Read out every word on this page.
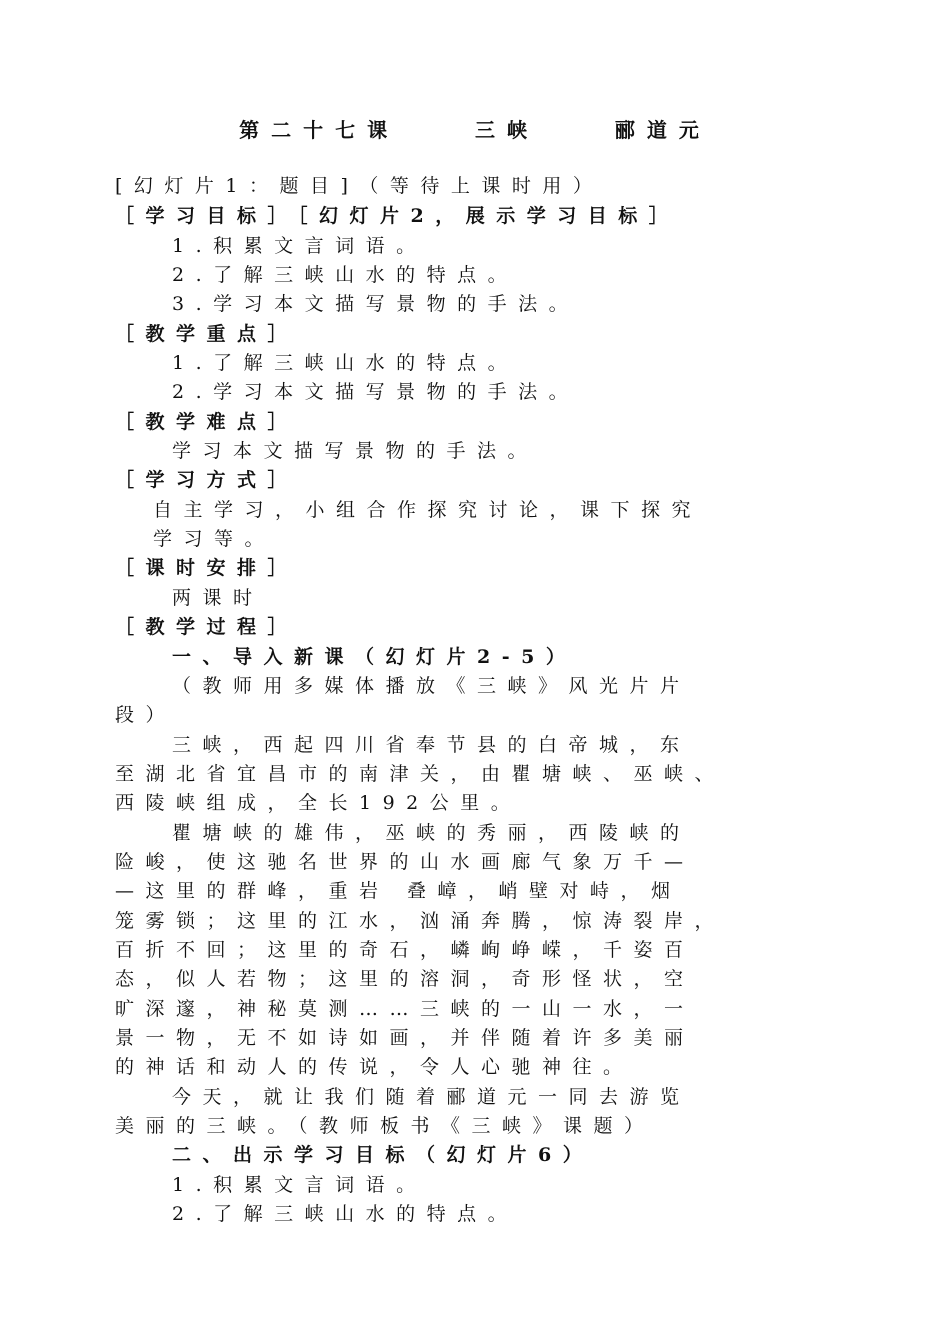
第二十七课    三峡    郦道元
[幻灯片1：题目]（等待上课时用）
［学习目标］［幻灯片2，展示学习目标］
1.积累文言词语。
2.了解三峡山水的特点。
3.学习本文描写景物的手法。
［教学重点］
1.了解三峡山水的特点。
2.学习本文描写景物的手法。
［教学难点］
学习本文描写景物的手法。
［学习方式］
自主学习，小组合作探究讨论，课下探究
学习等。
［课时安排］
两课时
［教学过程］
一、导入新课（幻灯片2-5）
（教师用多媒体播放《三峡》风光片片
段）
三峡，西起四川省奉节县的白帝城，东
至湖北省宜昌市的南津关，由瞿塘峡、巫峡、
西陵峡组成，全长192公里。
瞿塘峡的雄伟，巫峡的秀丽，西陵峡的
险峻，使这驰名世界的山水画廊气象万千—
—这里的群峰，重岩 叠嶂，峭壁对峙，烟
笼雾锁；这里的江水，汹涌奔腾，惊涛裂岸，
百折不回；这里的奇石，嶙峋峥嵘，千姿百
态，似人若物；这里的溶洞，奇形怪状，空
旷深邃，神秘莫测……三峡的一山一水，一
景一物，无不如诗如画，并伴随着许多美丽
的神话和动人的传说，令人心驰神往。
今天，就让我们随着郦道元一同去游览
美丽的三峡。（教师板书《三峡》课题）
二、出示学习目标（幻灯片6）
1.积累文言词语。
2.了解三峡山水的特点。
